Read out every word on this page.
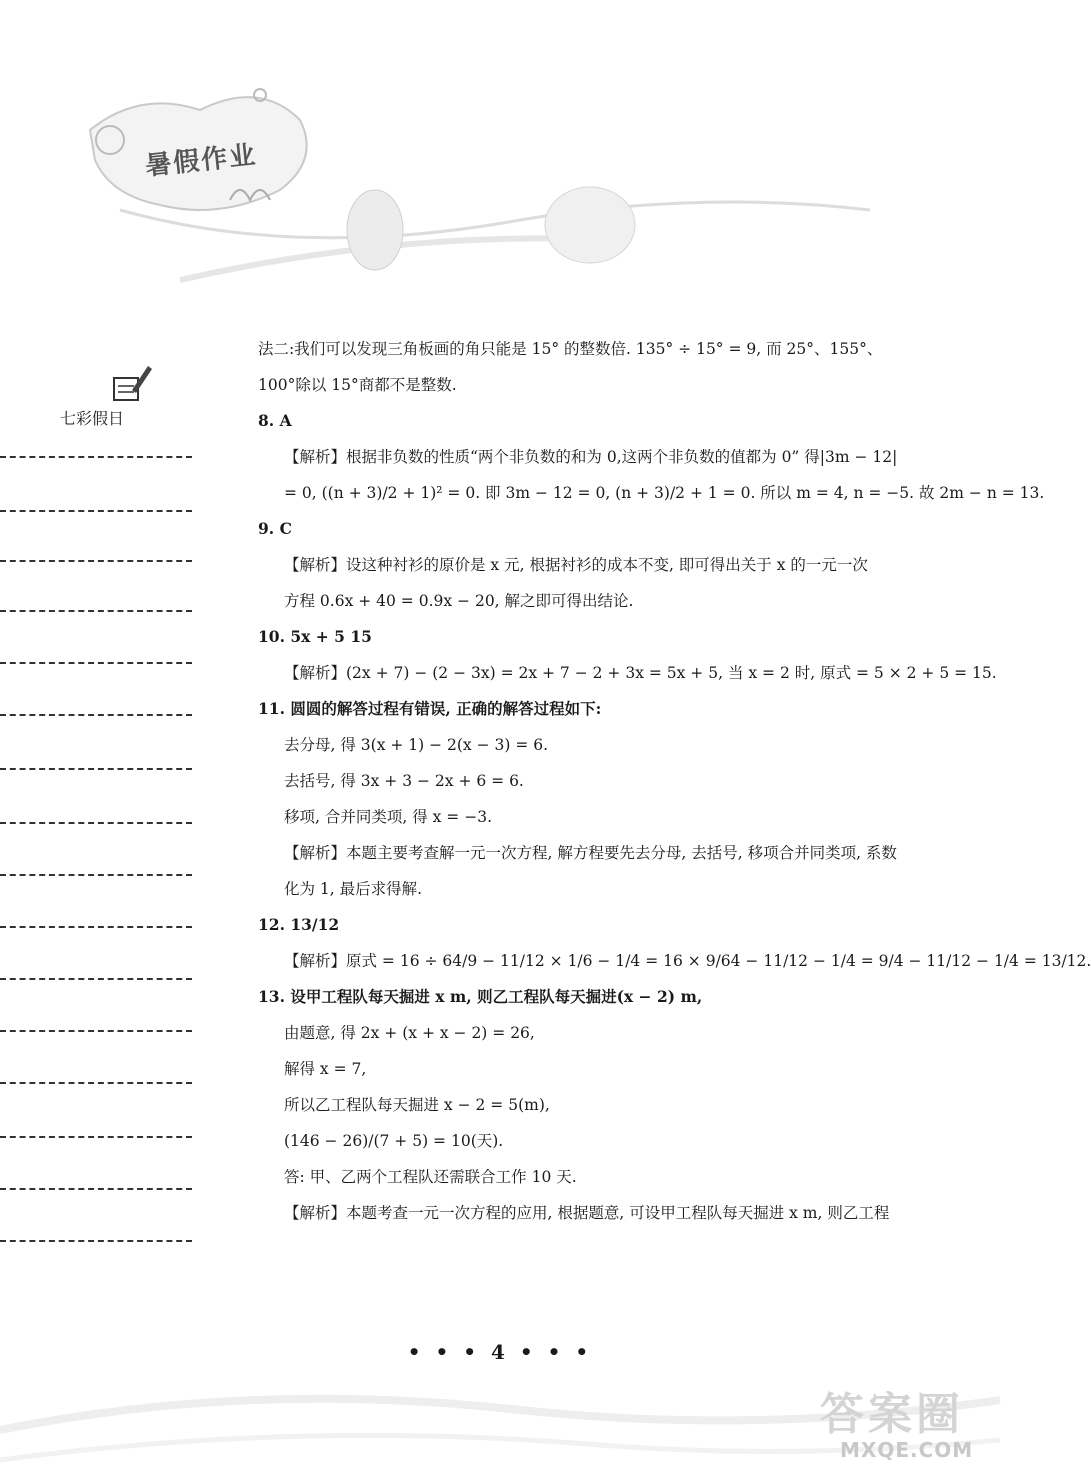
暑假作业
七彩假日
法二:我们可以发现三角板画的角只能是 15° 的整数倍. 135° ÷ 15° = 9, 而 25°、155°、
100°除以 15°商都不是整数.
8. A
【解析】根据非负数的性质“两个非负数的和为 0,这两个非负数的值都为 0” 得|3m − 12|
= 0, ((n + 3)/2 + 1)² = 0. 即 3m − 12 = 0, (n + 3)/2 + 1 = 0. 所以 m = 4, n = −5. 故 2m − n = 13.
9. C
【解析】设这种衬衫的原价是 x 元, 根据衬衫的成本不变, 即可得出关于 x 的一元一次
方程 0.6x + 40 = 0.9x − 20, 解之即可得出结论.
10. 5x + 5 15
【解析】(2x + 7) − (2 − 3x) = 2x + 7 − 2 + 3x = 5x + 5, 当 x = 2 时, 原式 = 5 × 2 + 5 = 15.
11. 圆圆的解答过程有错误, 正确的解答过程如下:
去分母, 得 3(x + 1) − 2(x − 3) = 6.
去括号, 得 3x + 3 − 2x + 6 = 6.
移项, 合并同类项, 得 x = −3.
【解析】本题主要考查解一元一次方程, 解方程要先去分母, 去括号, 移项合并同类项, 系数
化为 1, 最后求得解.
12. 13/12
【解析】原式 = 16 ÷ 64/9 − 11/12 × 1/6 − 1/4 = 16 × 9/64 − 11/12 − 1/4 = 9/4 − 11/12 − 1/4 = 13/12.
13. 设甲工程队每天掘进 x m, 则乙工程队每天掘进(x − 2) m,
由题意, 得 2x + (x + x − 2) = 26,
解得 x = 7,
所以乙工程队每天掘进 x − 2 = 5(m),
(146 − 26)/(7 + 5) = 10(天).
答: 甲、乙两个工程队还需联合工作 10 天.
【解析】本题考查一元一次方程的应用, 根据题意, 可设甲工程队每天掘进 x m, 则乙工程
• • • 4 • • •
答案圈
MXQE.COM
